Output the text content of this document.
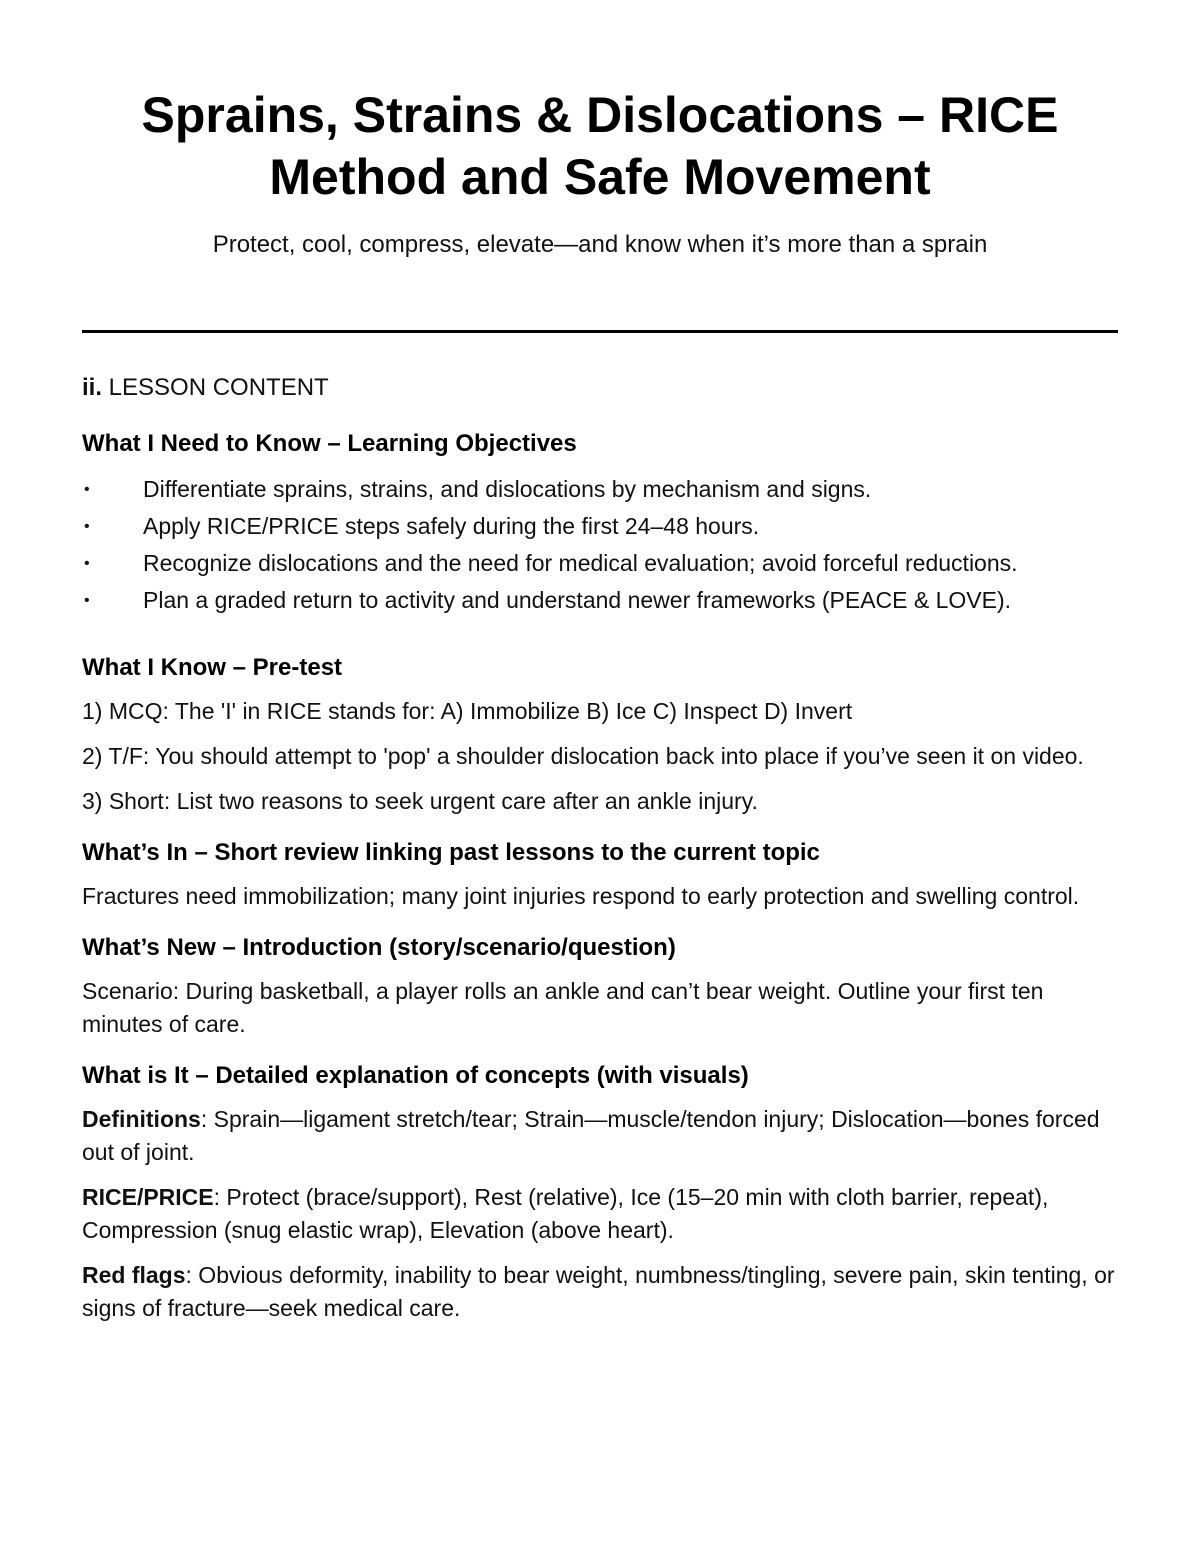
Sprains, Strains & Dislocations – RICE Method and Safe Movement
Protect, cool, compress, elevate—and know when it’s more than a sprain
ii. LESSON CONTENT
What I Need to Know – Learning Objectives
• Differentiate sprains, strains, and dislocations by mechanism and signs.
• Apply RICE/PRICE steps safely during the first 24–48 hours.
• Recognize dislocations and the need for medical evaluation; avoid forceful reductions.
• Plan a graded return to activity and understand newer frameworks (PEACE & LOVE).
What I Know – Pre-test

1) MCQ: The 'I' in RICE stands for: A) Immobilize B) Ice C) Inspect D) Invert

2) T/F: You should attempt to 'pop' a shoulder dislocation back into place if you’ve seen it on video.

3) Short: List two reasons to seek urgent care after an ankle injury.

What’s In – Short review linking past lessons to the current topic

Fractures need immobilization; many joint injuries respond to early protection and swelling control.

What’s New – Introduction (story/scenario/question)

Scenario: During basketball, a player rolls an ankle and can’t bear weight. Outline your first ten minutes of care.

What is It – Detailed explanation of concepts (with visuals)

Definitions: Sprain—ligament stretch/tear; Strain—muscle/tendon injury; Dislocation—bones forced out of joint.

RICE/PRICE: Protect (brace/support), Rest (relative), Ice (15–20 min with cloth barrier, repeat), Compression (snug elastic wrap), Elevation (above heart).

Red flags: Obvious deformity, inability to bear weight, numbness/tingling, severe pain, skin tenting, or signs of fracture—seek medical care.
